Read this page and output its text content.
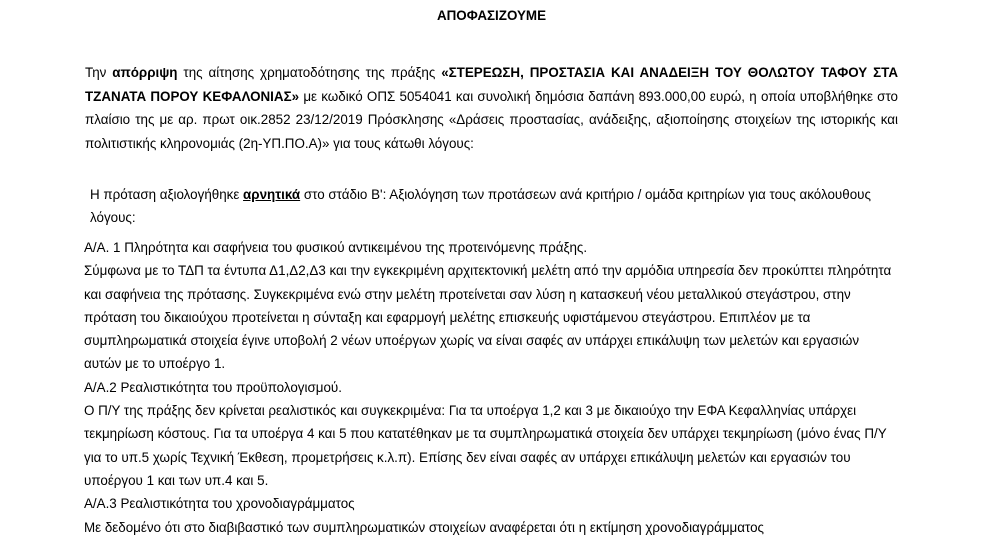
ΑΠΟΦΑΣΙΖΟΥΜΕ
Την απόρριψη της αίτησης χρηματοδότησης της πράξης «ΣΤΕΡΕΩΣΗ, ΠΡΟΣΤΑΣΙΑ ΚΑΙ ΑΝΑΔΕΙΞΗ ΤΟΥ ΘΟΛΩΤΟΥ ΤΑΦΟΥ ΣΤΑ ΤΖΑΝΑΤΑ ΠΟΡΟΥ ΚΕΦΑΛΟΝΙΑΣ» με κωδικό ΟΠΣ 5054041 και συνολική δημόσια δαπάνη 893.000,00 ευρώ, η οποία υποβλήθηκε στο πλαίσιο της με αρ. πρωτ οικ.2852 23/12/2019 Πρόσκλησης «Δράσεις προστασίας, ανάδειξης, αξιοποίησης στοιχείων της ιστορικής και πολιτιστικής κληρονομιάς (2η-ΥΠ.ΠΟ.Α)» για τους κάτωθι λόγους:
Η πρόταση αξιολογήθηκε αρνητικά στο στάδιο Β': Αξιολόγηση των προτάσεων ανά κριτήριο / ομάδα κριτηρίων για τους ακόλουθους λόγους:

Α/Α. 1 Πληρότητα και σαφήνεια του φυσικού αντικειμένου της προτεινόμενης πράξης.

Σύμφωνα με το ΤΔΠ τα έντυπα Δ1,Δ2,Δ3 και την εγκεκριμένη αρχιτεκτονική μελέτη από την αρμόδια υπηρεσία δεν προκύπτει πληρότητα και σαφήνεια της πρότασης. Συγκεκριμένα ενώ στην μελέτη προτείνεται σαν λύση η κατασκευή νέου μεταλλικού στεγάστρου, στην πρόταση του δικαιούχου προτείνεται η σύνταξη και εφαρμογή μελέτης επισκευής υφιστάμενου στεγάστρου. Επιπλέον με τα συμπληρωματικά στοιχεία έγινε υποβολή 2 νέων υποέργων χωρίς να είναι σαφές αν υπάρχει επικάλυψη των μελετών και εργασιών αυτών με το υποέργο 1.

Α/Α.2 Ρεαλιστικότητα του προϋπολογισμού.

Ο Π/Υ της πράξης δεν κρίνεται ρεαλιστικός και συγκεκριμένα: Για τα υποέργα 1,2 και 3 με δικαιούχο την ΕΦΑ Κεφαλληνίας υπάρχει τεκμηρίωση κόστους. Για τα υποέργα 4 και 5 που κατατέθηκαν με τα συμπληρωματικά στοιχεία δεν υπάρχει τεκμηρίωση (μόνο ένας Π/Υ για το υπ.5 χωρίς Τεχνική Έκθεση, προμετρήσεις κ.λ.π). Επίσης δεν είναι σαφές αν υπάρχει επικάλυψη μελετών και εργασιών του υποέργου 1 και των υπ.4 και 5.

Α/Α.3 Ρεαλιστικότητα του χρονοδιαγράμματος

Με δεδομένο ότι στο διαβιβαστικό των συμπληρωματικών στοιχείων αναφέρεται ότι η εκτίμηση χρονοδιαγράμματος
